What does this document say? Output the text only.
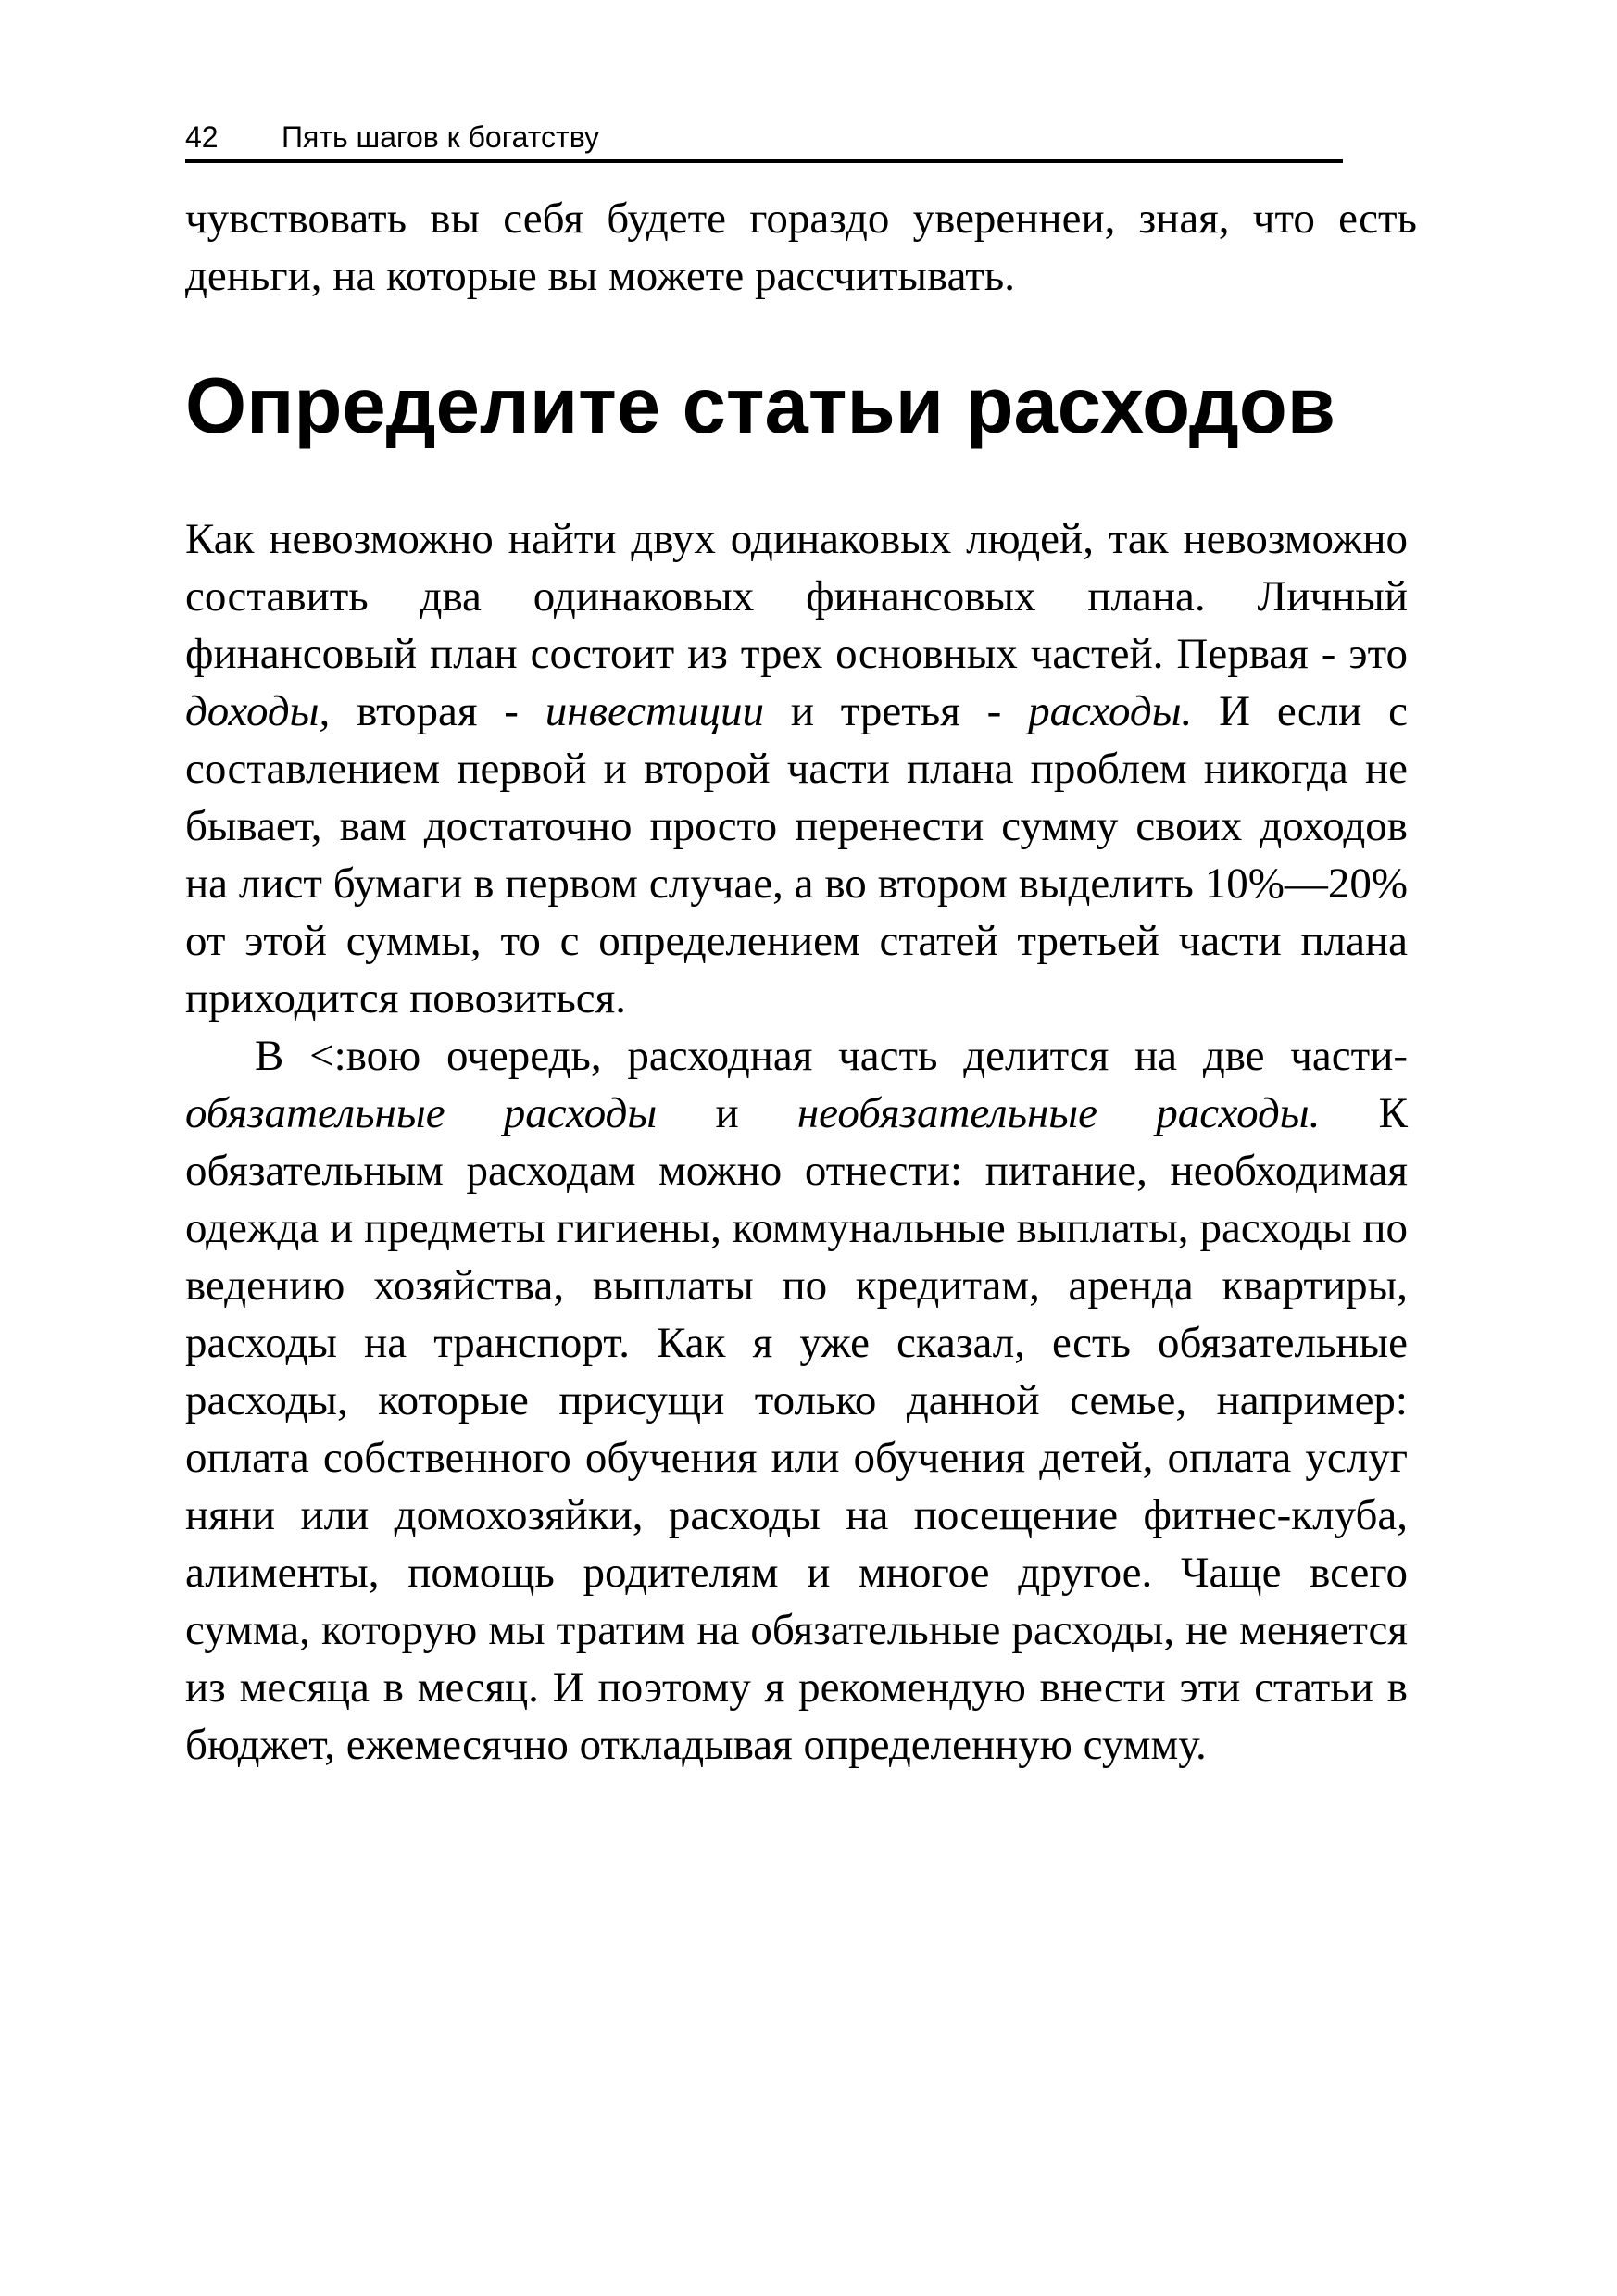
42 Пять шагов к богатству

чувствовать вы себя будете гораздо увереннеи, зная, что есть деньги, на которые вы можете рассчитывать.

Определите статьи расходов

Как невозможно найти двух одинаковых людей, так невозможно составить два одинаковых финансовых плана. Личный финансовый план состоит из трех основных частей. Первая - это доходы, вторая - инвестиции и третья - расходы. И если с составлением первой и второй части плана проблем никогда не бывает, вам достаточно просто перенести сумму своих доходов на лист бумаги в первом случае, а во втором выделить 10%—20% от этой суммы, то с определением статей третьей части плана приходится повозиться.

В <:вою очередь, расходная часть делится на две части-обязательные расходы и необязательные расходы. К обязательным расходам можно отнести: питание, необходимая одежда и предметы гигиены, коммунальные выплаты, расходы по ведению хозяйства, выплаты по кредитам, аренда квартиры, расходы на транспорт. Как я уже сказал, есть обязательные расходы, которые присущи только данной семье, например: оплата собственного обучения или обучения детей, оплата услуг няни или домохозяйки, расходы на посещение фитнес-клуба, алименты, помощь родителям и многое другое. Чаще всего сумма, которую мы тратим на обязательные расходы, не меняется из месяца в месяц. И поэтому я рекомендую внести эти статьи в бюджет, ежемесячно откладывая определенную сумму.
